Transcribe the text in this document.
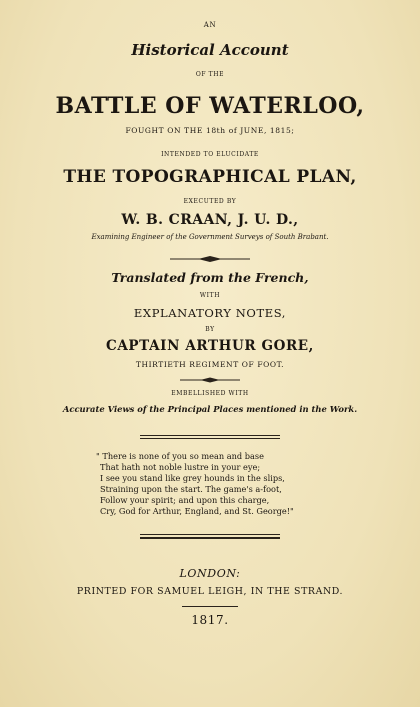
AN
Historical Account
OF THE
BATTLE OF WATERLOO,
FOUGHT ON THE 18th of JUNE, 1815;
INTENDED TO ELUCIDATE
THE TOPOGRAPHICAL PLAN,
EXECUTED BY
W. B. CRAAN, J. U. D.,
Examining Engineer of the Government Surveys of South Brabant.
Translated from the French,
WITH
EXPLANATORY NOTES,
BY
CAPTAIN ARTHUR GORE,
THIRTIETH REGIMENT OF FOOT.
EMBELLISHED WITH
Accurate Views of the Principal Places mentioned in the Work.
" There is none of you so mean and base
That hath not noble lustre in your eye;
I see you stand like grey hounds in the slips,
Straining upon the start. The game's a-foot,
Follow your spirit; and upon this charge,
Cry, God for Arthur, England, and St. George!"
LONDON:
PRINTED FOR SAMUEL LEIGH, IN THE STRAND.
1817.
